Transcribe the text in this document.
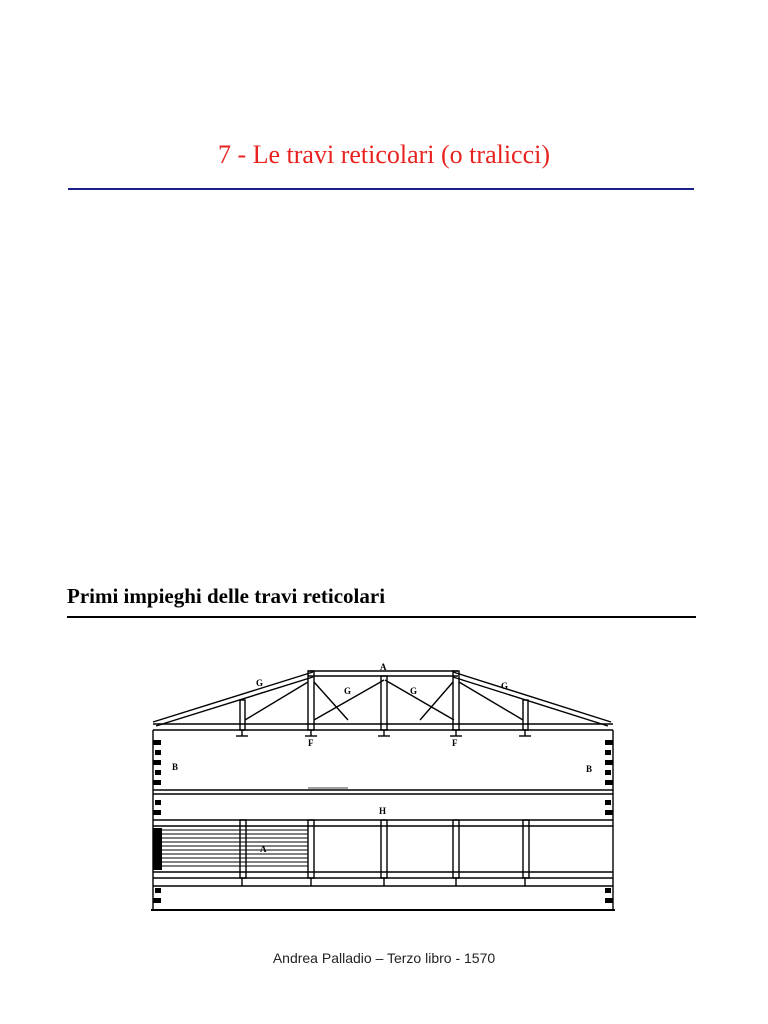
7 - Le travi reticolari (o tralicci)
Primi impieghi delle travi reticolari
A
G
G	G	G
B	B
F	F
H
A
Andrea Palladio – Terzo libro - 1570
